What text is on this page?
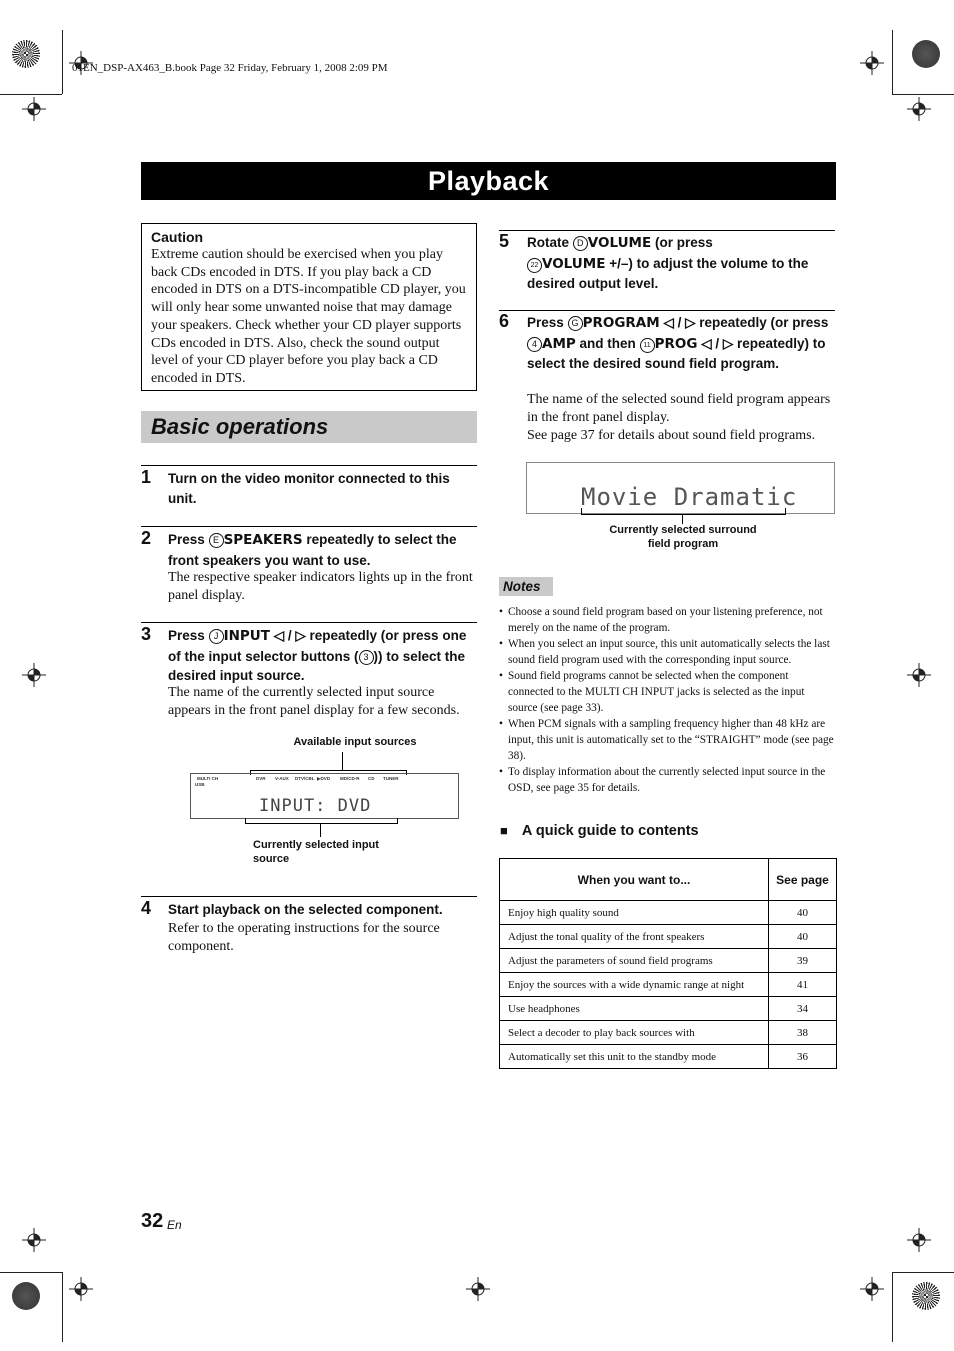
01EN_DSP-AX463_B.book Page 32 Friday, February 1, 2008 2:09 PM
Playback
Caution
Extreme caution should be exercised when you play back CDs encoded in DTS. If you play back a CD encoded in DTS on a DTS-incompatible CD player, you will only hear some unwanted noise that may damage your speakers. Check whether your CD player supports CDs encoded in DTS. Also, check the sound output level of your CD player before you play back a CD encoded in DTS.
Basic operations
1 Turn on the video monitor connected to this unit.
2 Press E SPEAKERS repeatedly to select the front speakers you want to use.
The respective speaker indicators lights up in the front panel display.
3 Press J INPUT ◁ / ▷ repeatedly (or press one of the input selector buttons ( 3 )) to select the desired input source.
The name of the currently selected input source appears in the front panel display for a few seconds.
Available input sources
MULTI CH
USB
DVR V-AUX DTV/CBL ▶DVD MD/CD-R CD TUNER
INPUT: DVD
Currently selected input source
4 Start playback on the selected component.
Refer to the operating instructions for the source component.
5 Rotate D VOLUME (or press
22 VOLUME +/–) to adjust the volume to the desired output level.
6 Press G PROGRAM ◁ / ▷ repeatedly (or press 4 AMP and then 11 PROG ◁ / ▷ repeatedly) to select the desired sound field program.
The name of the selected sound field program appears in the front panel display.
See page 37 for details about sound field programs.
Movie Dramatic
Currently selected surround field program
Notes
• Choose a sound field program based on your listening preference, not merely on the name of the program.
• When you select an input source, this unit automatically selects the last sound field program used with the corresponding input source.
• Sound field programs cannot be selected when the component connected to the MULTI CH INPUT jacks is selected as the input source (see page 33).
• When PCM signals with a sampling frequency higher than 48 kHz are input, this unit is automatically set to the “STRAIGHT” mode (see page 38).
• To display information about the currently selected input source in the OSD, see page 35 for details.
■ A quick guide to contents
When you want to...	See page
Enjoy high quality sound	40
Adjust the tonal quality of the front speakers	40
Adjust the parameters of sound field programs	39
Enjoy the sources with a wide dynamic range at night	41
Use headphones	34
Select a decoder to play back sources with	38
Automatically set this unit to the standby mode	36
32 En
